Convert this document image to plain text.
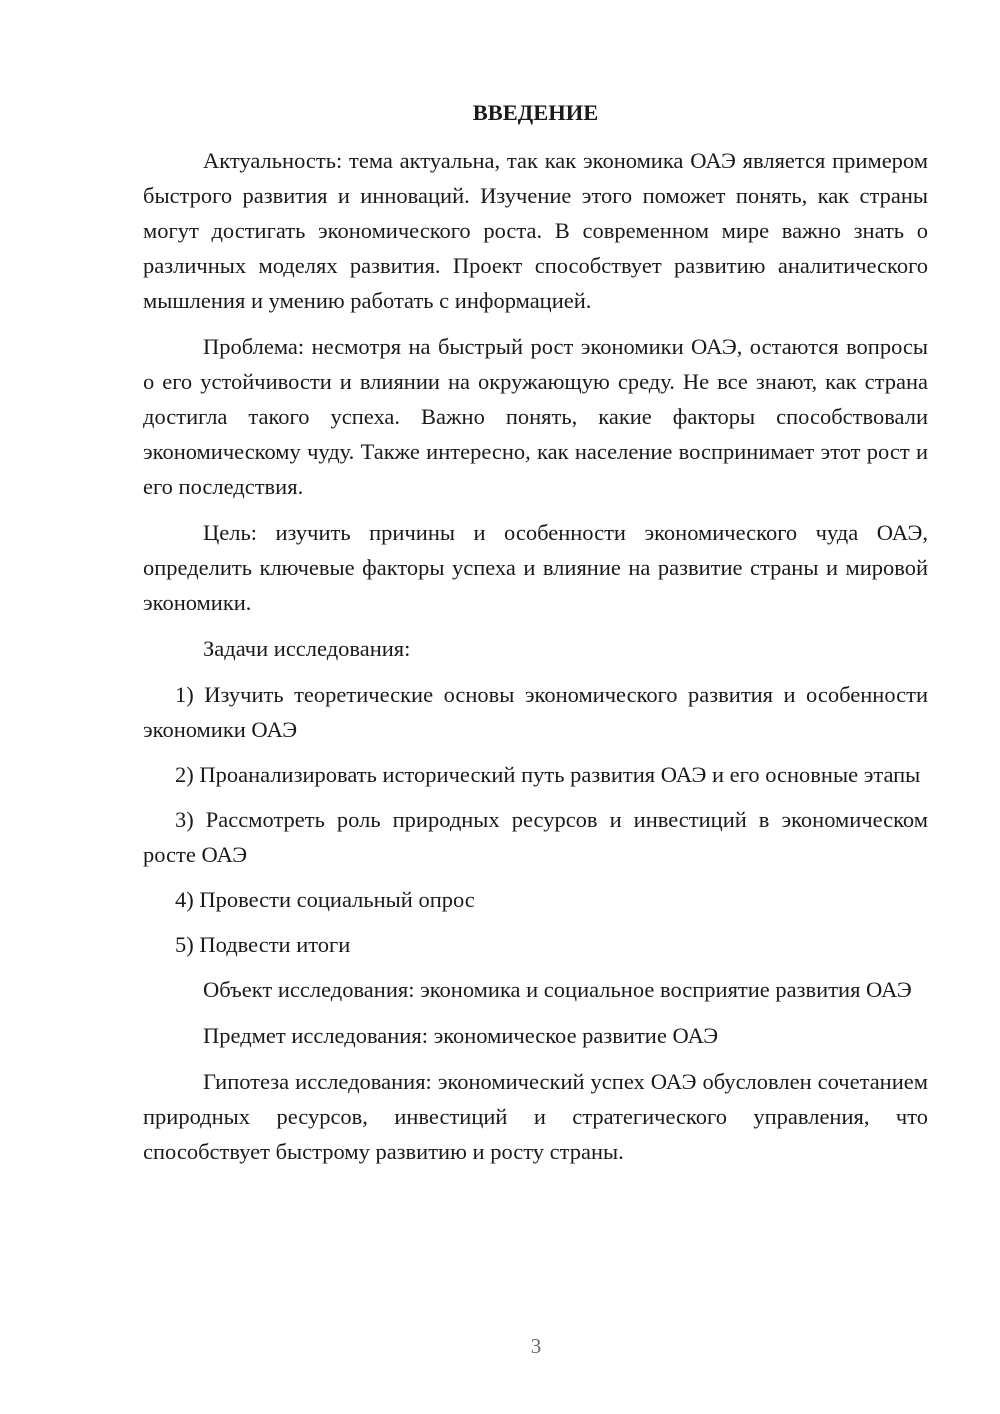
ВВЕДЕНИЕ

Актуальность: тема актуальна, так как экономика ОАЭ является примером быстрого развития и инноваций. Изучение этого поможет понять, как страны могут достигать экономического роста. В современном мире важно знать о различных моделях развития. Проект способствует развитию аналитического мышления и умению работать с информацией.

Проблема: несмотря на быстрый рост экономики ОАЭ, остаются вопросы о его устойчивости и влиянии на окружающую среду. Не все знают, как страна достигла такого успеха. Важно понять, какие факторы способствовали экономическому чуду. Также интересно, как население воспринимает этот рост и его последствия.

Цель: изучить причины и особенности экономического чуда ОАЭ, определить ключевые факторы успеха и влияние на развитие страны и мировой экономики.

Задачи исследования:

1) Изучить теоретические основы экономического развития и особенности экономики ОАЭ

2) Проанализировать исторический путь развития ОАЭ и его основные этапы

3) Рассмотреть роль природных ресурсов и инвестиций в экономическом росте ОАЭ

4) Провести социальный опрос

5) Подвести итоги

Объект исследования: экономика и социальное восприятие развития ОАЭ

Предмет исследования: экономическое развитие ОАЭ

Гипотеза исследования: экономический успех ОАЭ обусловлен сочетанием природных ресурсов, инвестиций и стратегического управления, что способствует быстрому развитию и росту страны.

3
